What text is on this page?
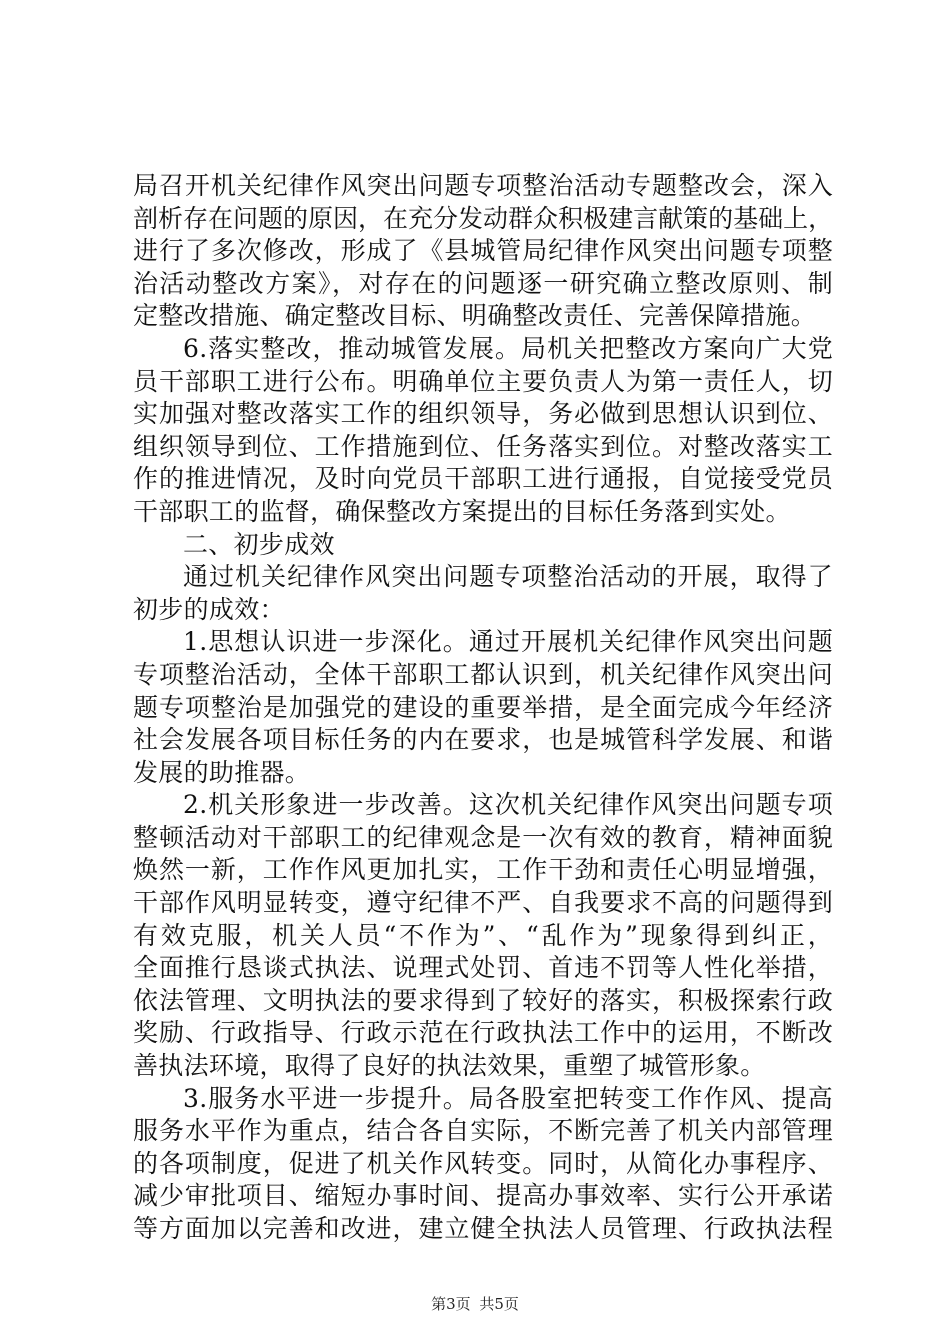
局召开机关纪律作风突出问题专项整治活动专题整改会，深入
剖析存在问题的原因，在充分发动群众积极建言献策的基础上，
进行了多次修改，形成了《县城管局纪律作风突出问题专项整
治活动整改方案》，对存在的问题逐一研究确立整改原则、制
定整改措施、确定整改目标、明确整改责任、完善保障措施。
6.落实整改，推动城管发展。局机关把整改方案向广大党
员干部职工进行公布。明确单位主要负责人为第一责任人，切
实加强对整改落实工作的组织领导，务必做到思想认识到位、
组织领导到位、工作措施到位、任务落实到位。对整改落实工
作的推进情况，及时向党员干部职工进行通报，自觉接受党员
干部职工的监督，确保整改方案提出的目标任务落到实处。
二、初步成效
通过机关纪律作风突出问题专项整治活动的开展，取得了
初步的成效：
1.思想认识进一步深化。通过开展机关纪律作风突出问题
专项整治活动，全体干部职工都认识到，机关纪律作风突出问
题专项整治是加强党的建设的重要举措，是全面完成今年经济
社会发展各项目标任务的内在要求，也是城管科学发展、和谐
发展的助推器。
2.机关形象进一步改善。这次机关纪律作风突出问题专项
整顿活动对干部职工的纪律观念是一次有效的教育，精神面貌
焕然一新，工作作风更加扎实，工作干劲和责任心明显增强，
干部作风明显转变，遵守纪律不严、自我要求不高的问题得到
有效克服，机关人员“不作为”、“乱作为”现象得到纠正，
全面推行恳谈式执法、说理式处罚、首违不罚等人性化举措，
依法管理、文明执法的要求得到了较好的落实，积极探索行政
奖励、行政指导、行政示范在行政执法工作中的运用，不断改
善执法环境，取得了良好的执法效果，重塑了城管形象。
3.服务水平进一步提升。局各股室把转变工作作风、提高
服务水平作为重点，结合各自实际，不断完善了机关内部管理
的各项制度，促进了机关作风转变。同时，从简化办事程序、
减少审批项目、缩短办事时间、提高办事效率、实行公开承诺
等方面加以完善和改进，建立健全执法人员管理、行政执法程
第3页 共5页
